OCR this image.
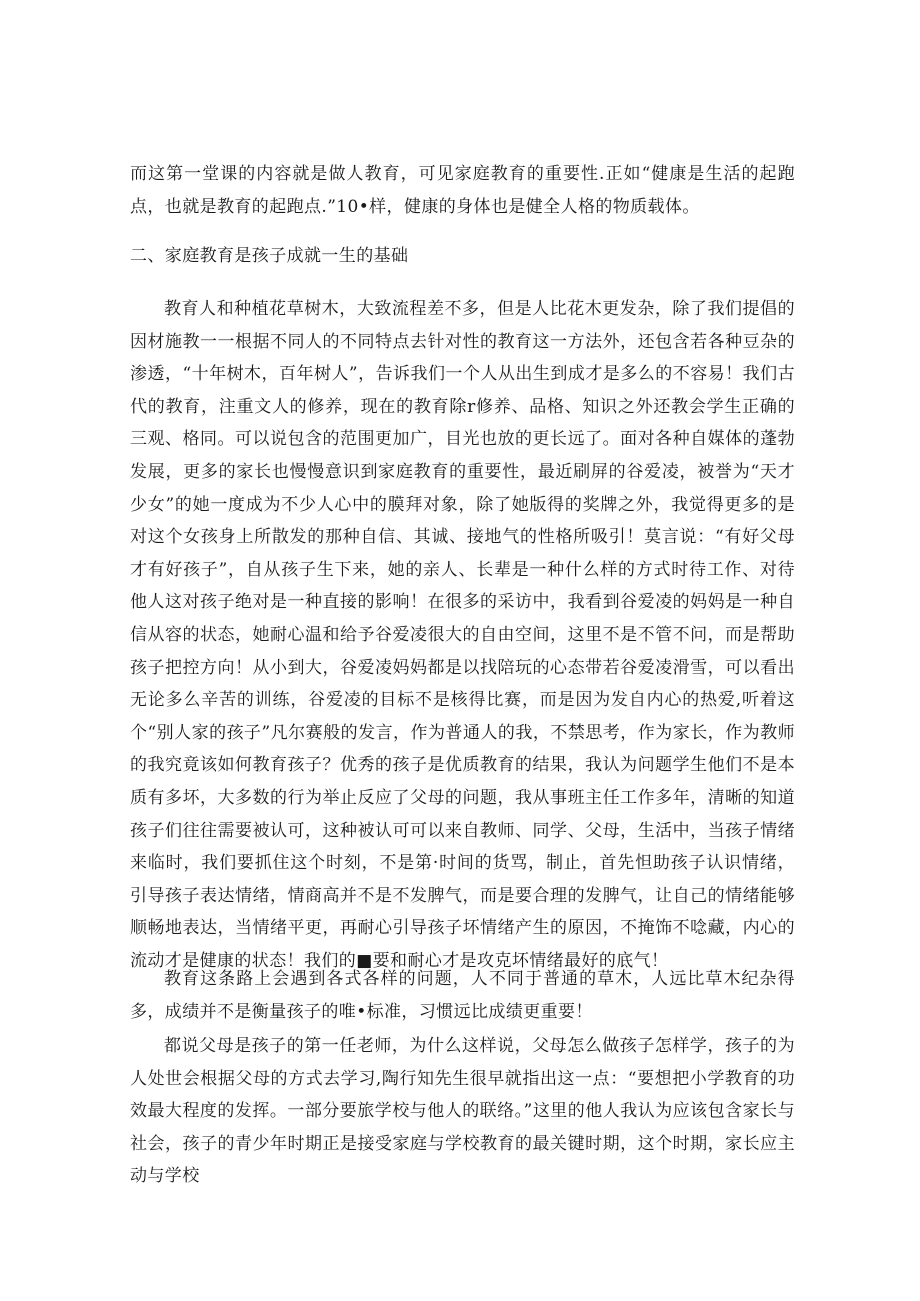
而这第一堂课的内容就是做人教育，可见家庭教育的重要性.正如“健康是生活的起跑点，也就是教育的起跑点.”10•样，健康的身体也是健全人格的物质载体。

二、家庭教育是孩子成就一生的基础

教育人和种植花草树木，大致流程差不多，但是人比花木更发杂，除了我们提倡的因材施教一一根据不同人的不同特点去针对性的教育这一方法外，还包含若各种豆杂的渗透，“十年树木，百年树人”，告诉我们一个人从出生到成才是多么的不容易！我们古代的教育，注重文人的修养，现在的教育除r修养、品格、知识之外还教会学生正确的三观、格同。可以说包含的范围更加广，目光也放的更长远了。面对各种自媒体的蓬勃发展，更多的家长也慢慢意识到家庭教育的重要性，最近刷屏的谷爱凌，被誉为“天才少女”的她一度成为不少人心中的膜拜对象，除了她版得的奖牌之外，我觉得更多的是对这个女孩身上所散发的那种自信、其诚、接地气的性格所吸引！莫言说：“有好父母才有好孩子”，自从孩子生下来，她的亲人、长辈是一种什么样的方式时待工作、对待他人这对孩子绝对是一种直接的影响！在很多的采访中，我看到谷爱凌的妈妈是一种自信从容的状态，她耐心温和给予谷爱凌很大的自由空间，这里不是不管不问，而是帮助孩子把控方向！从小到大，谷爱凌妈妈都是以找陪玩的心态带若谷爱凌滑雪，可以看出无论多么辛苦的训练，谷爱凌的目标不是核得比赛，而是因为发自内心的热爱,听着这个“别人家的孩子”凡尔赛般的发言，作为普通人的我，不禁思考，作为家长，作为教师的我究竟该如何教育孩子？优秀的孩子是优质教育的结果，我认为问题学生他们不是本质有多坏，大多数的行为举止反应了父母的问题，我从事班主任工作多年，清晰的知道孩子们往往需要被认可，这种被认可可以来自教师、同学、父母，生活中，当孩子情绪来临时，我们要抓住这个时刻，不是第·时间的货骂，制止，首先怛助孩子认识情绪，引导孩子表达情绪，情商高并不是不发脾气，而是要合理的发脾气，让自己的情绪能够顺畅地表达，当情绪平更，再耐心引导孩子坏情绪产生的原因，不掩饰不唸藏，内心的流动才是健康的状态！我们的■要和耐心才是攻克坏情绪最好的底气！

教育这条路上会遇到各式各样的问题，人不同于普通的草木，人远比草木纪杂得多，成绩并不是衡量孩子的唯•标准，习惯远比成绩更重要！

都说父母是孩子的第一任老师，为什么这样说，父母怎么做孩子怎样学，孩子的为人处世会根据父母的方式去学习,陶行知先生很早就指出这一点：“要想把小学教育的功效最大程度的发挥。一部分要旅学校与他人的联络。”这里的他人我认为应该包含家长与社会，孩子的青少年时期正是接受家庭与学校教育的最关键时期，这个时期，家长应主动与学校
